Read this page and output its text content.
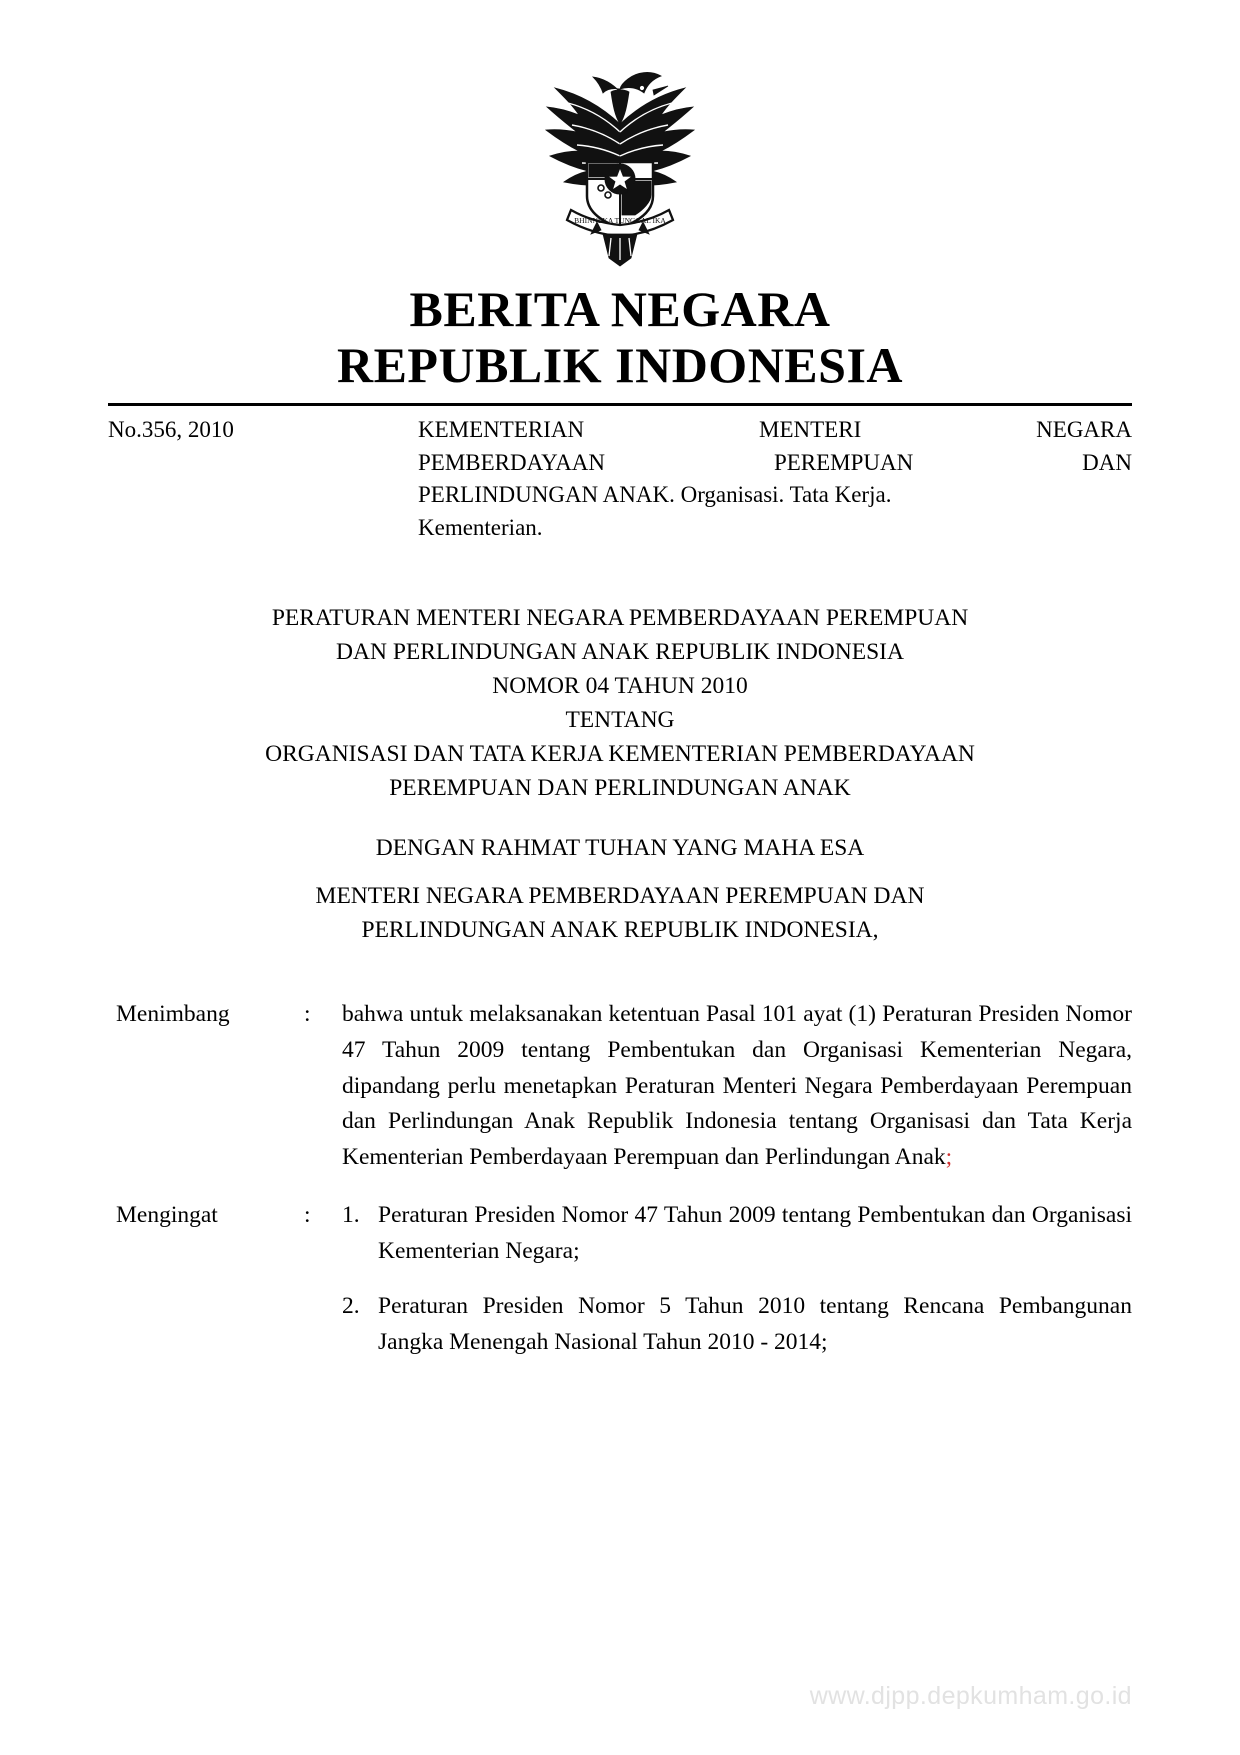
BHINNEKA TUNGGAL IKA
BERITA NEGARA
REPUBLIK INDONESIA
No.356, 2010	KEMENTERIAN MENTERI NEGARA
PEMBERDAYAAN PEREMPUAN DAN
PERLINDUNGAN ANAK. Organisasi. Tata Kerja.
Kementerian.
PERATURAN MENTERI NEGARA PEMBERDAYAAN PEREMPUAN
DAN PERLINDUNGAN ANAK REPUBLIK INDONESIA
NOMOR 04 TAHUN 2010
TENTANG
ORGANISASI DAN TATA KERJA KEMENTERIAN PEMBERDAYAAN
PEREMPUAN DAN PERLINDUNGAN ANAK
DENGAN RAHMAT TUHAN YANG MAHA ESA
MENTERI NEGARA PEMBERDAYAAN PEREMPUAN DAN
PERLINDUNGAN ANAK REPUBLIK INDONESIA,
Menimbang	:	bahwa untuk melaksanakan ketentuan Pasal 101 ayat (1) Peraturan Presiden Nomor 47 Tahun 2009 tentang Pembentukan dan Organisasi Kementerian Negara, dipandang perlu menetapkan Peraturan Menteri Negara Pemberdayaan Perempuan dan Perlindungan Anak Republik Indonesia tentang Organisasi dan Tata Kerja Kementerian Pemberdayaan Perempuan dan Perlindungan Anak;

Mengingat	:	1. Peraturan Presiden Nomor 47 Tahun 2009 tentang Pembentukan dan Organisasi Kementerian Negara;
2. Peraturan Presiden Nomor 5 Tahun 2010 tentang Rencana Pembangunan Jangka Menengah Nasional Tahun 2010 - 2014;
www.djpp.depkumham.go.id
